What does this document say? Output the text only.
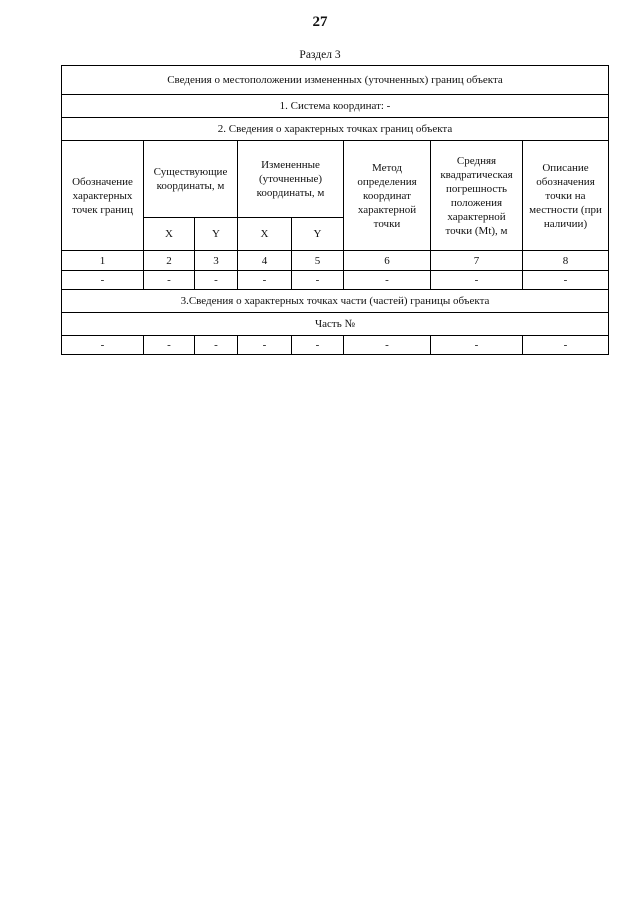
27
Раздел 3
Сведения о местоположении измененных (уточненных) границ объекта							
1. Система координат: -							
2. Сведения о характерных точках границ объекта							
Обозначение характерных точек границ	Существующие координаты, м		Измененные (уточненные) координаты, м		Метод определения координат характерной точки	Средняя квадратическая погрешность положения характерной точки (Mt), м	Описание обозначения точки на местности (при наличии)
	X	Y	X	Y			
1	2	3	4	5	6	7	8
-	-	-	-	-	-	-	-
3.Сведения о характерных точках части (частей) границы объекта							
Часть №							
-	-	-	-	-	-	-	-
